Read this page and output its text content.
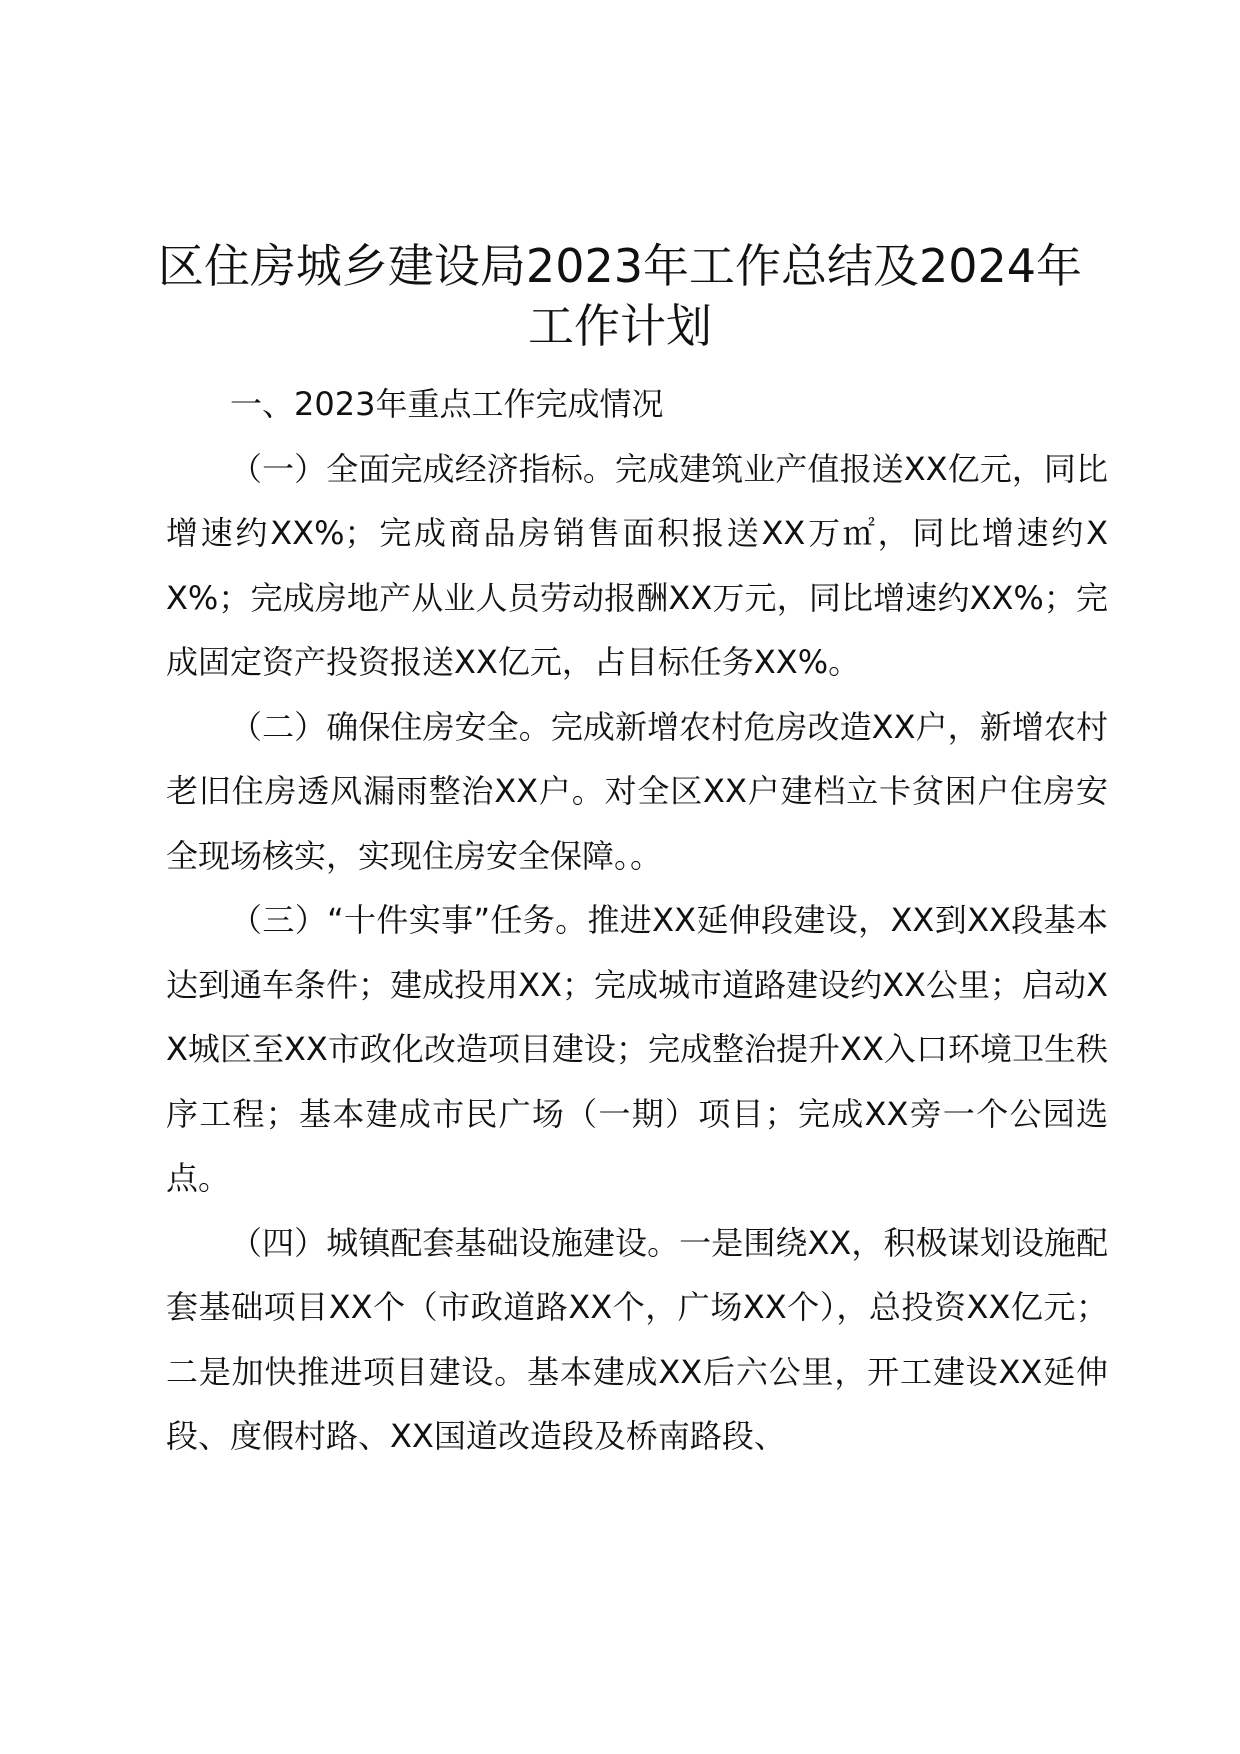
区住房城乡建设局2023年工作总结及2024年工作计划

一、2023年重点工作完成情况

（一）全面完成经济指标。完成建筑业产值报送XX亿元，同比增速约XX%；完成商品房销售面积报送XX万㎡，同比增速约XX%；完成房地产从业人员劳动报酬XX万元，同比增速约XX%；完成固定资产投资报送XX亿元，占目标任务XX%。

（二）确保住房安全。完成新增农村危房改造XX户，新增农村老旧住房透风漏雨整治XX户。对全区XX户建档立卡贫困户住房安全现场核实，实现住房安全保障。。

（三）“十件实事”任务。推进XX延伸段建设，XX到XX段基本达到通车条件；建成投用XX；完成城市道路建设约XX公里；启动XX城区至XX市政化改造项目建设；完成整治提升XX入口环境卫生秩序工程；基本建成市民广场（一期）项目；完成XX旁一个公园选点。

（四）城镇配套基础设施建设。一是围绕XX，积极谋划设施配套基础项目XX个（市政道路XX个，广场XX个），总投资XX亿元；二是加快推进项目建设。基本建成XX后六公里，开工建设XX延伸段、度假村路、XX国道改造段及桥南路段、
